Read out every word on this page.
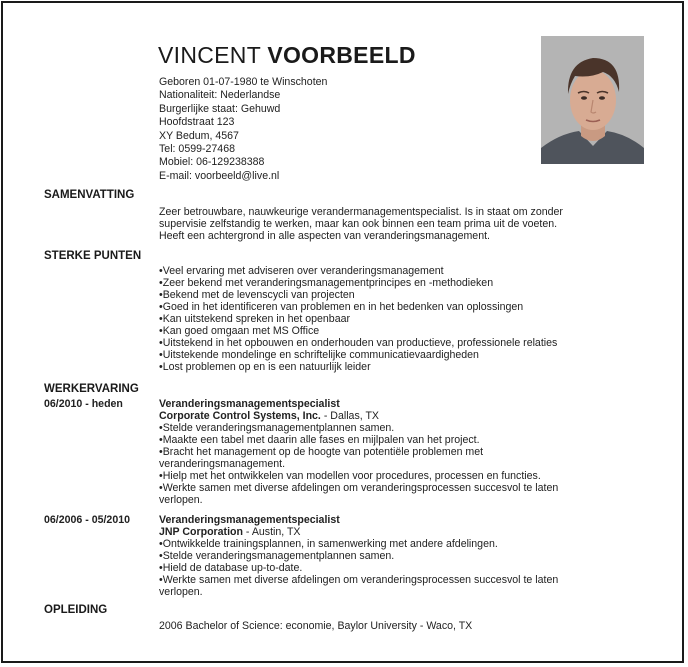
VINCENT VOORBEELD
Geboren 01-07-1980 te Winschoten
Nationaliteit: Nederlandse
Burgerlijke staat: Gehuwd
Hoofdstraat 123
XY Bedum, 4567
Tel: 0599-27468
Mobiel: 06-129238388
E-mail: voorbeeld@live.nl
SAMENVATTING
Zeer betrouwbare, nauwkeurige verandermanagementspecialist. Is in staat om zonder
supervisie zelfstandig te werken, maar kan ook binnen een team prima uit de voeten.
Heeft een achtergrond in alle aspecten van veranderingsmanagement.
STERKE PUNTEN
• Veel ervaring met adviseren over veranderingsmanagement
• Zeer bekend met veranderingsmanagementprincipes en -methodieken
• Bekend met de levenscycli van projecten
• Goed in het identificeren van problemen en in het bedenken van oplossingen
• Kan uitstekend spreken in het openbaar
• Kan goed omgaan met MS Office
• Uitstekend in het opbouwen en onderhouden van productieve, professionele relaties
• Uitstekende mondelinge en schriftelijke communicatievaardigheden
• Lost problemen op en is een natuurlijk leider
WERKERVARING
06/2010 - heden	Veranderingsmanagementspecialist
Corporate Control Systems, Inc. - Dallas, TX
• Stelde veranderingsmanagementplannen samen.
• Maakte een tabel met daarin alle fases en mijlpalen van het project.
• Bracht het management op de hoogte van potentiële problemen met
veranderingsmanagement.
• Hielp met het ontwikkelen van modellen voor procedures, processen en functies.
• Werkte samen met diverse afdelingen om veranderingsprocessen succesvol te laten
verlopen.
06/2006 - 05/2010	Veranderingsmanagementspecialist
JNP Corporation - Austin, TX
• Ontwikkelde trainingsplannen, in samenwerking met andere afdelingen.
• Stelde veranderingsmanagementplannen samen.
• Hield de database up-to-date.
• Werkte samen met diverse afdelingen om veranderingsprocessen succesvol te laten
verlopen.
OPLEIDING
2006 Bachelor of Science: economie, Baylor University - Waco, TX
